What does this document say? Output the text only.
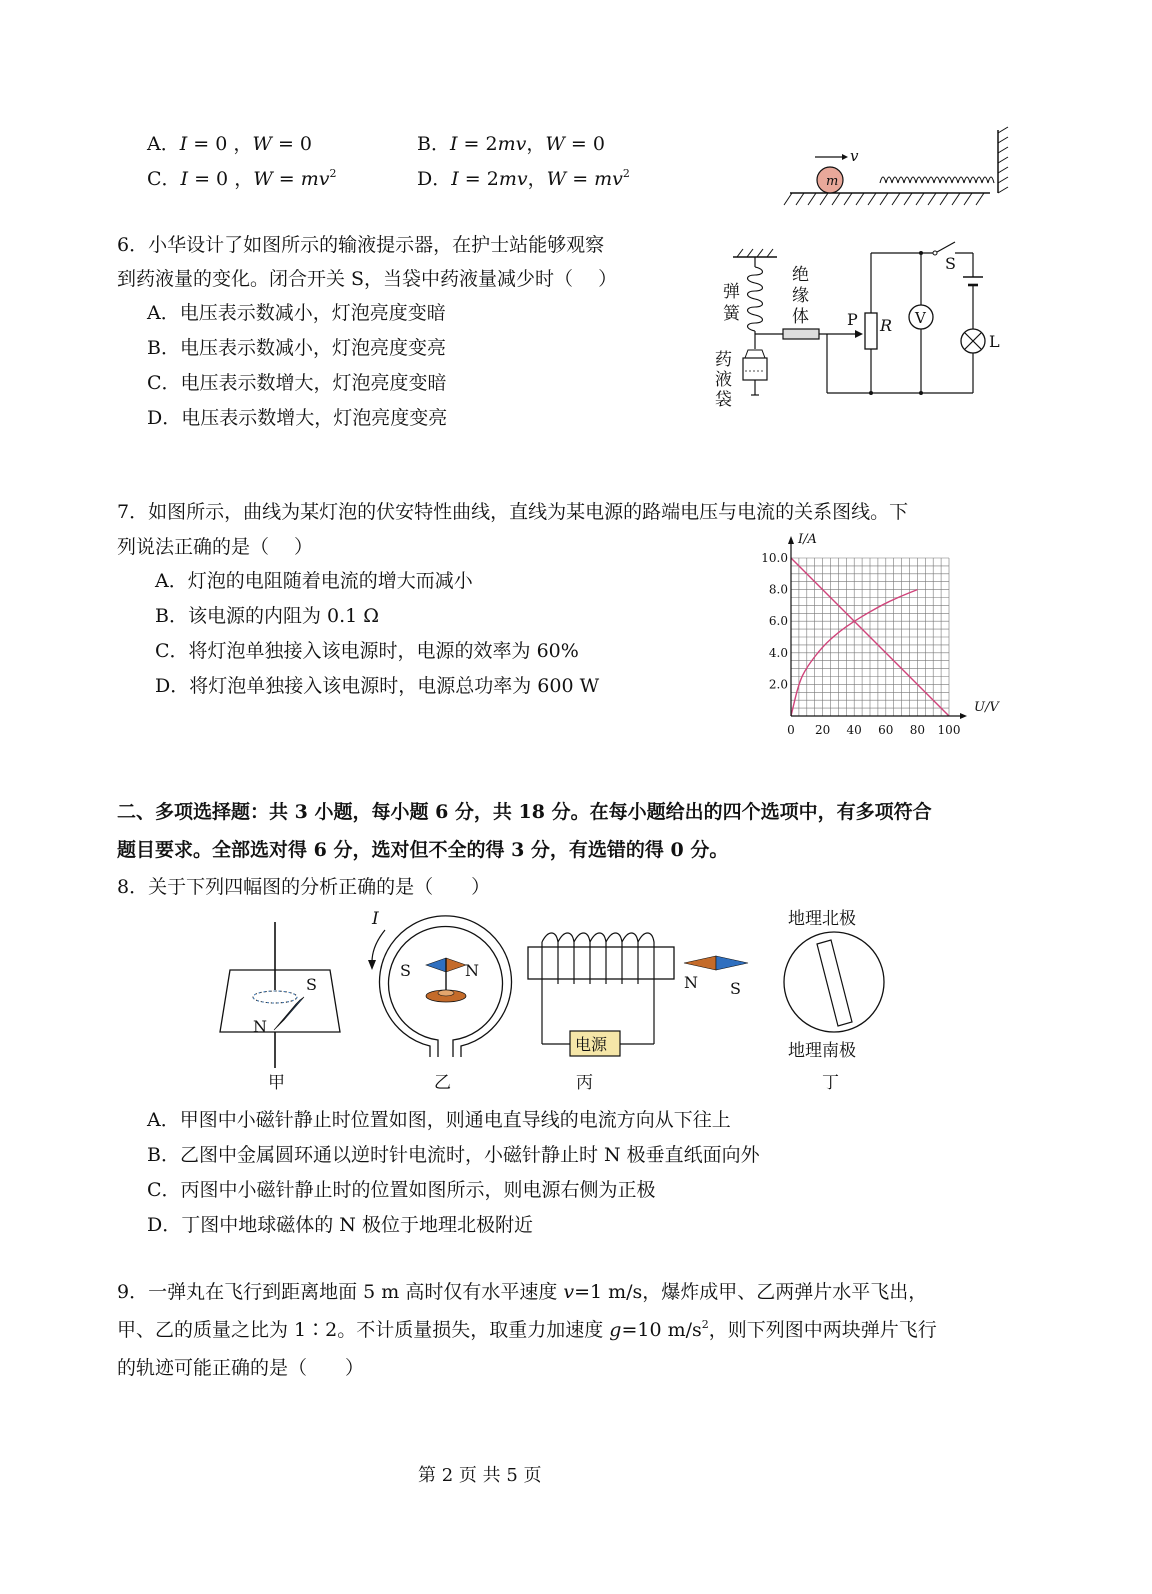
A．I = 0 ，W = 0	B．I = 2mv，W = 0
C．I = 0 ，$W = mv^2$	D．I = 2mv，$W = mv^2$
m
v
6．小华设计了如图所示的输液提示器，在护士站能够观察
到药液量的变化。闭合开关 S，当袋中药液量减少时（　 ）
A．电压表示数减小，灯泡亮度变暗
B．电压表示数减小，灯泡亮度变亮
C．电压表示数增大，灯泡亮度变暗
D．电压表示数增大，灯泡亮度变亮
弹
簧
绝
缘
体
药
液
袋
P R V
S
L
7．如图所示，曲线为某灯泡的伏安特性曲线，直线为某电源的路端电压与电流的关系图线。下
列说法正确的是（　 ）
A．灯泡的电阻随着电流的增大而减小
B．该电源的内阻为 0.1 Ω
C．将灯泡单独接入该电源时，电源的效率为 60%
D．将灯泡单独接入该电源时，电源总功率为 600 W
0 20 40 60 80 100
2.0
4.0
6.0
8.0
10.0
I/A
U/V
二、多项选择题：共 3 小题，每小题 6 分，共 18 分。在每小题给出的四个选项中，有多项符合
题目要求。全部选对得 6 分，选对但不全的得 3 分，有选错的得 0 分。
8．关于下列四幅图的分析正确的是（　　）
S
N
甲
S	N
I
乙
电源
N S
丙
地理北极
地理南极
丁
A．甲图中小磁针静止时位置如图，则通电直导线的电流方向从下往上
B．乙图中金属圆环通以逆时针电流时，小磁针静止时 N 极垂直纸面向外
C．丙图中小磁针静止时的位置如图所示，则电源右侧为正极
D．丁图中地球磁体的 N 极位于地理北极附近
9．一弹丸在飞行到距离地面 5 m 高时仅有水平速度 v=1 m/s，爆炸成甲、乙两弹片水平飞出，
甲、乙的质量之比为 1∶2。不计质量损失，取重力加速度 g=10 $m/s^2$，则下列图中两块弹片飞行
的轨迹可能正确的是（　　）
第 2 页 共 5 页
